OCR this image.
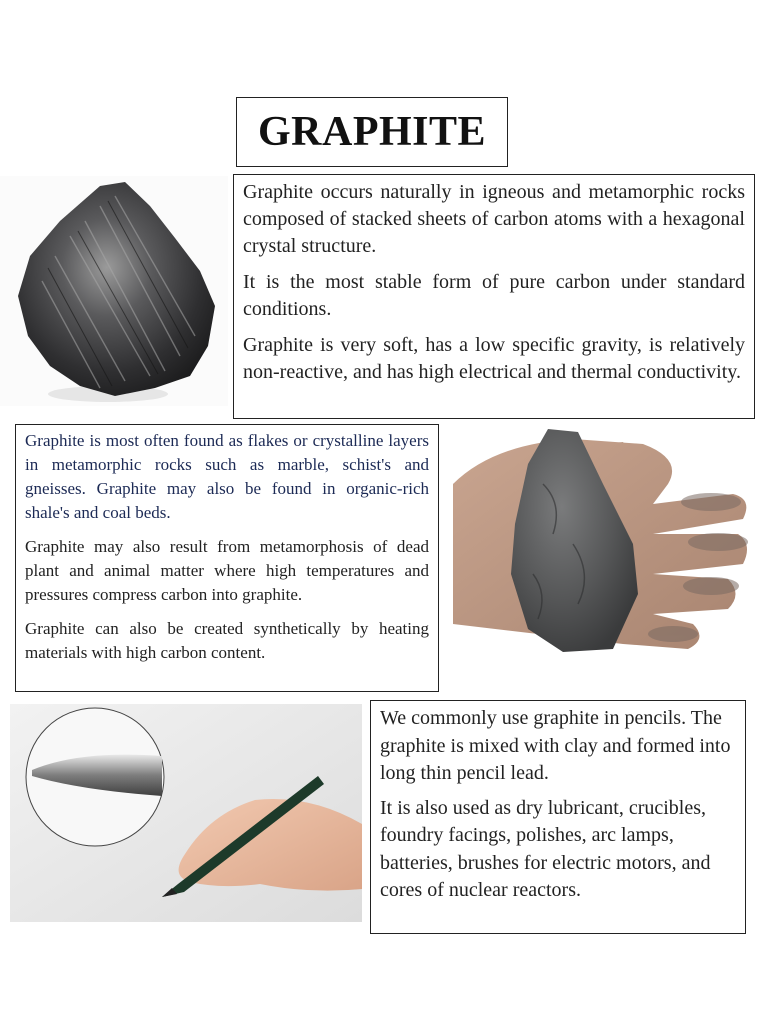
GRAPHITE

Graphite occurs naturally in igneous and metamorphic rocks composed of stacked sheets of carbon atoms with a hexagonal crystal structure.

It is the most stable form of pure carbon under standard conditions.

Graphite is very soft, has a low specific gravity, is relatively non-reactive, and has high electrical and thermal conductivity.

Graphite is most often found as flakes or crystalline layers in metamorphic rocks such as marble, schist's and gneisses. Graphite may also be found in organic-rich shale's and coal beds.

Graphite may also result from metamorphosis of dead plant and animal matter where high temperatures and pressures compress carbon into graphite.

Graphite can also be created synthetically by heating materials with high carbon content.

We commonly use graphite in pencils. The graphite is mixed with clay and formed into long thin pencil lead.

It is also used as dry lubricant, crucibles, foundry facings, polishes, arc lamps, batteries, brushes for electric motors, and cores of nuclear reactors.
